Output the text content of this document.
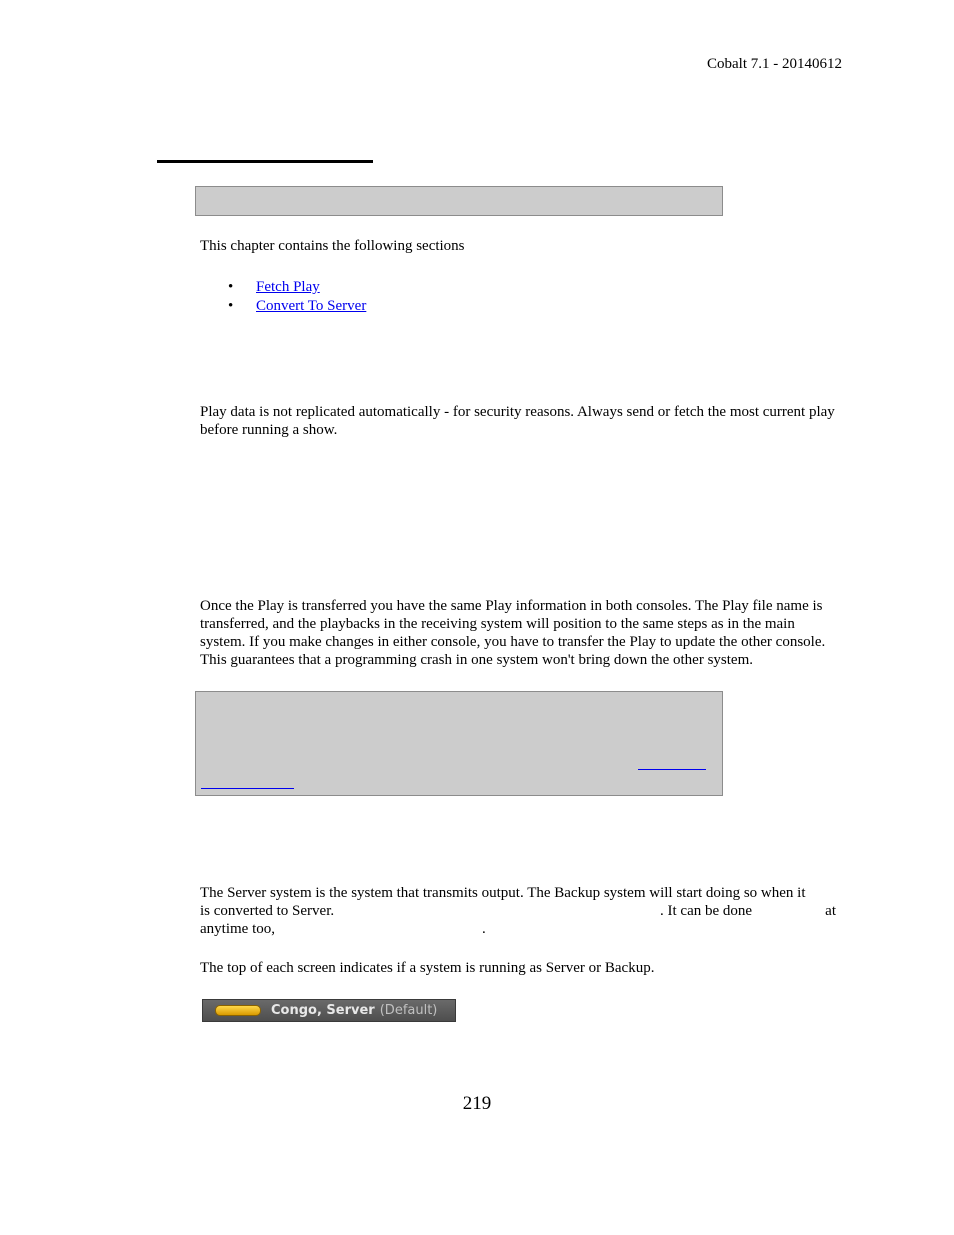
Cobalt 7.1 - 20140612
This chapter contains the following sections
• Fetch Play
• Convert To Server
Play data is not replicated automatically - for security reasons. Always send or fetch the most current play before running a show.
Once the Play is transferred you have the same Play information in both consoles. The Play file name is transferred, and the playbacks in the receiving system will position to the same steps as in the main system. If you make changes in either console, you have to transfer the Play to update the other console. This guarantees that a programming crash in one system won't bring down the other system.
The Server system is the system that transmits output. The Backup system will start doing so when it
is converted to Server.	. It can be done	at
anytime too,	.
The top of each screen indicates if a system is running as Server or Backup.
Congo, Server (Default)
219
